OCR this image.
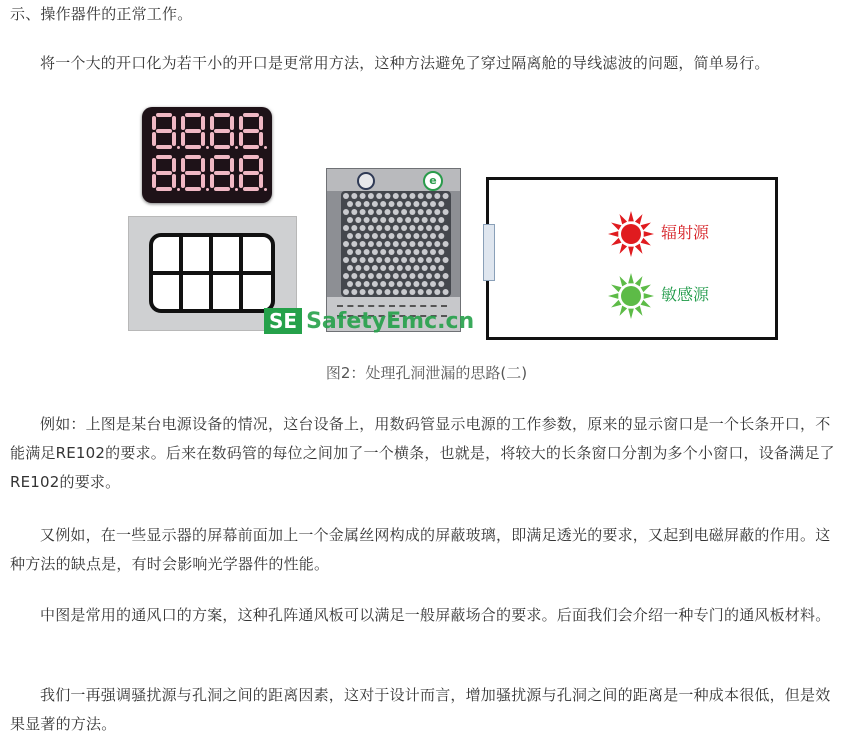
示、操作器件的正常工作。

将一个大的开口化为若干小的开口是更常用方法，这种方法避免了穿过隔离舱的导线滤波的问题，简单易行。

e
辐射源
敏感源
SE SafetyEmc.cn
图2：处理孔洞泄漏的思路(二)

例如：上图是某台电源设备的情况，这台设备上，用数码管显示电源的工作参数，原来的显示窗口是一个长条开口，不能满足RE102的要求。后来在数码管的每位之间加了一个横条，也就是，将较大的长条窗口分割为多个小窗口，设备满足了RE102的要求。

又例如，在一些显示器的屏幕前面加上一个金属丝网构成的屏蔽玻璃，即满足透光的要求，又起到电磁屏蔽的作用。这种方法的缺点是，有时会影响光学器件的性能。

中图是常用的通风口的方案，这种孔阵通风板可以满足一般屏蔽场合的要求。后面我们会介绍一种专门的通风板材料。

我们一再强调骚扰源与孔洞之间的距离因素，这对于设计而言，增加骚扰源与孔洞之间的距离是一种成本很低，但是效果显著的方法。
